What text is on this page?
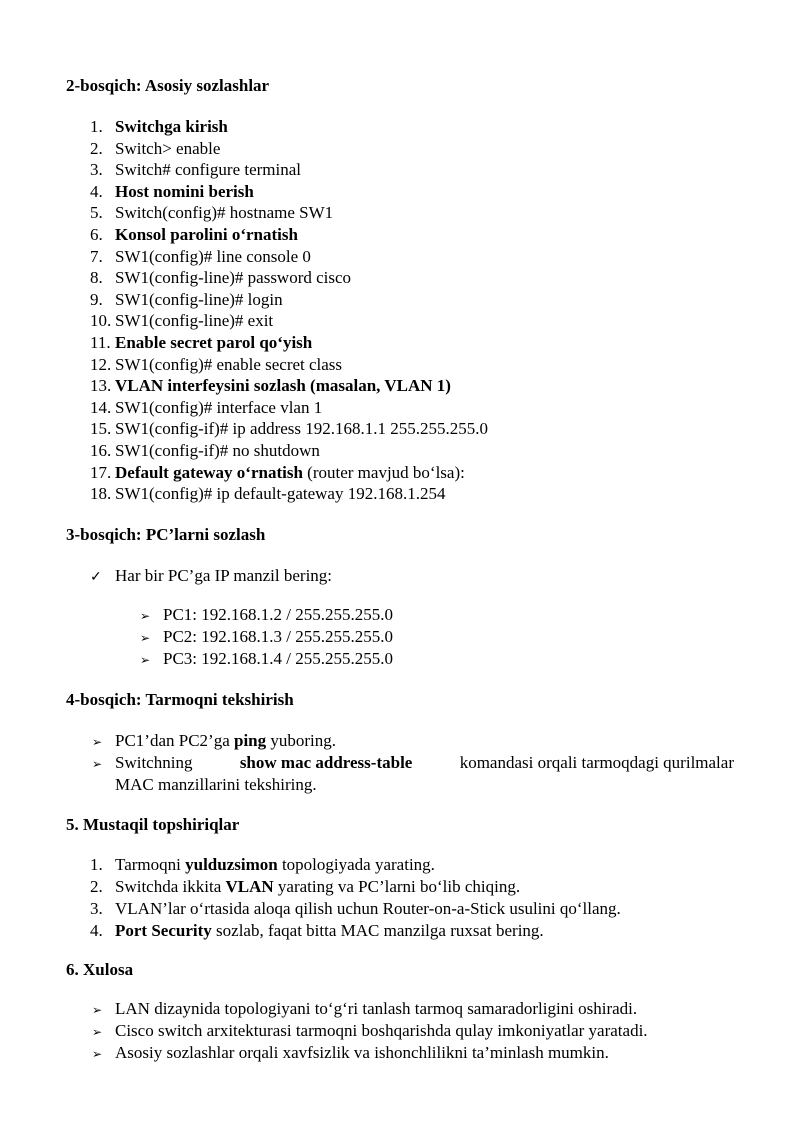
2-bosqich: Asosiy sozlashlar
1. Switchga kirish
2. Switch> enable
3. Switch# configure terminal
4. Host nomini berish
5. Switch(config)# hostname SW1
6. Konsol parolini o‘rnatish
7. SW1(config)# line console 0
8. SW1(config-line)# password cisco
9. SW1(config-line)# login
10. SW1(config-line)# exit
11. Enable secret parol qo‘yish
12. SW1(config)# enable secret class
13. VLAN interfeysini sozlash (masalan, VLAN 1)
14. SW1(config)# interface vlan 1
15. SW1(config-if)# ip address 192.168.1.1 255.255.255.0
16. SW1(config-if)# no shutdown
17. Default gateway o‘rnatish (router mavjud bo‘lsa):
18. SW1(config)# ip default-gateway 192.168.1.254
3-bosqich: PC’larni sozlash
✓ Har bir PC’ga IP manzil bering:
➢ PC1: 192.168.1.2 / 255.255.255.0
➢ PC2: 192.168.1.3 / 255.255.255.0
➢ PC3: 192.168.1.4 / 255.255.255.0
4-bosqich: Tarmoqni tekshirish
➢ PC1’dan PC2’ga ping yuboring.
➢ Switchning	show mac address-table	komandasi orqali tarmoqdagi qurilmalar
MAC manzillarini tekshiring.
5. Mustaqil topshiriqlar
1. Tarmoqni yulduzsimon topologiyada yarating.
2. Switchda ikkita VLAN yarating va PC’larni bo‘lib chiqing.
3. VLAN’lar o‘rtasida aloqa qilish uchun Router-on-a-Stick usulini qo‘llang.
4. Port Security sozlab, faqat bitta MAC manzilga ruxsat bering.
6. Xulosa
➢ LAN dizaynida topologiyani to‘g‘ri tanlash tarmoq samaradorligini oshiradi.
➢ Cisco switch arxitekturasi tarmoqni boshqarishda qulay imkoniyatlar yaratadi.
➢ Asosiy sozlashlar orqali xavfsizlik va ishonchlilikni ta’minlash mumkin.
